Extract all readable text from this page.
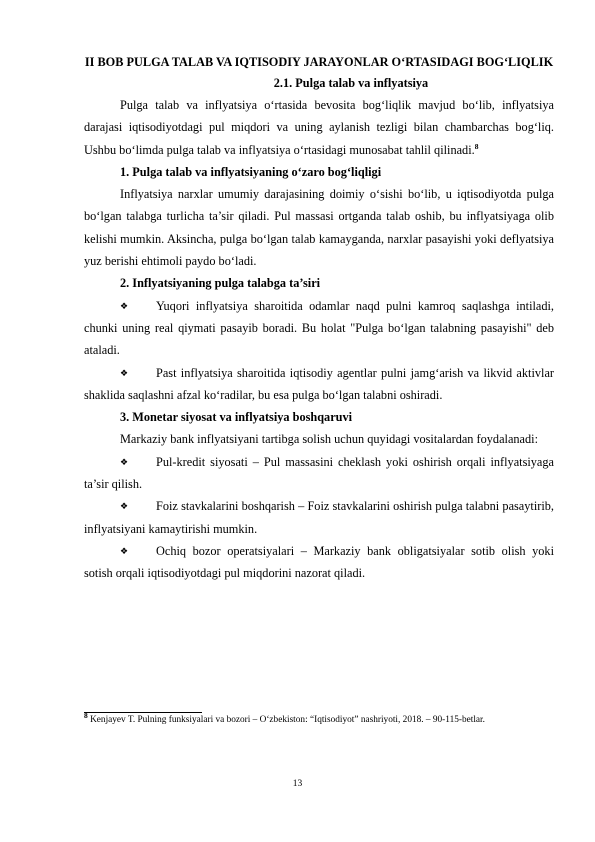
II BOB PULGA TALAB VA IQTISODIY JARAYONLAR O‘RTASIDAGI BOG‘LIQLIK
2.1. Pulga talab va inflyatsiya

Pulga talab va inflyatsiya o‘rtasida bevosita bog‘liqlik mavjud bo‘lib, inflyatsiya darajasi iqtisodiyotdagi pul miqdori va uning aylanish tezligi bilan chambarchas bog‘liq. Ushbu bo‘limda pulga talab va inflyatsiya o‘rtasidagi munosabat tahlil qilinadi.$^8$

1. Pulga talab va inflyatsiyaning o‘zaro bog‘liqligi

Inflyatsiya narxlar umumiy darajasining doimiy o‘sishi bo‘lib, u iqtisodiyotda pulga bo‘lgan talabga turlicha ta’sir qiladi. Pul massasi ortganda talab oshib, bu inflyatsiyaga olib kelishi mumkin. Aksincha, pulga bo‘lgan talab kamayganda, narxlar pasayishi yoki deflyatsiya yuz berishi ehtimoli paydo bo‘ladi.

2. Inflyatsiyaning pulga talabga ta’siri

❖ Yuqori inflyatsiya sharoitida odamlar naqd pulni kamroq saqlashga intiladi, chunki uning real qiymati pasayib boradi. Bu holat "Pulga bo‘lgan talabning pasayishi" deb ataladi.

❖ Past inflyatsiya sharoitida iqtisodiy agentlar pulni jamg‘arish va likvid aktivlar shaklida saqlashni afzal ko‘radilar, bu esa pulga bo‘lgan talabni oshiradi.

3. Monetar siyosat va inflyatsiya boshqaruvi

Markaziy bank inflyatsiyani tartibga solish uchun quyidagi vositalardan foydalanadi:

❖ Pul-kredit siyosati – Pul massasini cheklash yoki oshirish orqali inflyatsiyaga ta’sir qilish.

❖ Foiz stavkalarini boshqarish – Foiz stavkalarini oshirish pulga talabni pasaytirib, inflyatsiyani kamaytirishi mumkin.

❖ Ochiq bozor operatsiyalari – Markaziy bank obligatsiyalar sotib olish yoki sotish orqali iqtisodiyotdagi pul miqdorini nazorat qiladi.

$^8$ Kenjayev T. Pulning funksiyalari va bozori – O‘zbekiston: “Iqtisodiyot” nashriyoti, 2018. – 90-115-betlar.
13
